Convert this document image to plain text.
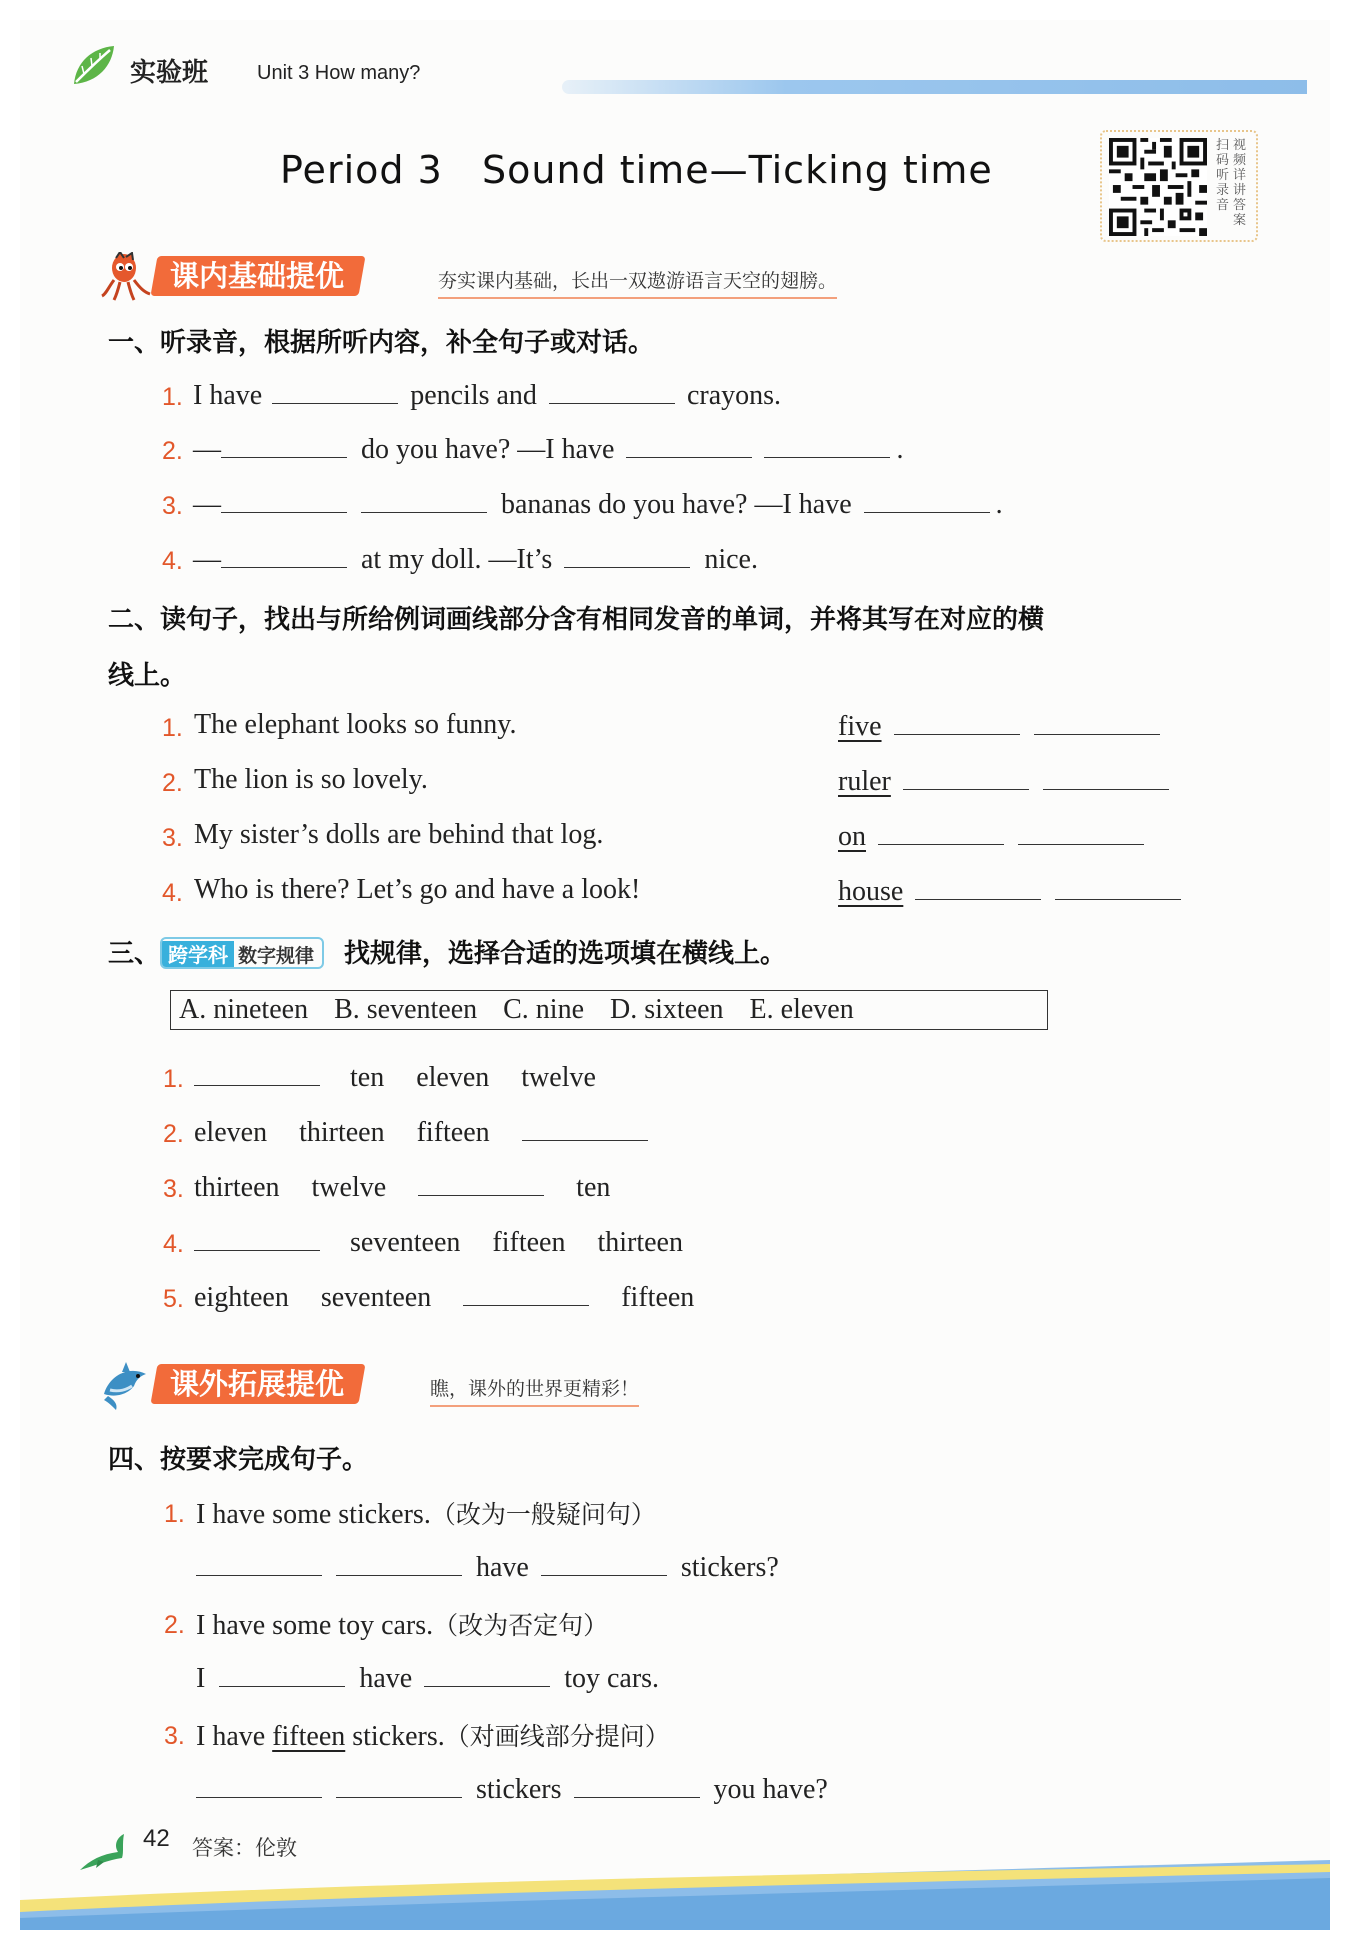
实验班 Unit 3 How many?
Period 3   Sound time—Ticking time
扫码听录音
视频详讲答案
课内基础提优	夯实课内基础，长出一双遨游语言天空的翅膀。
一、听录音，根据所听内容，补全句子或对话。
1. I have	pencils and	crayons.
2. —	do you have? —I have	.
3. —	bananas do you have? —I have	.
4. —	at my doll. —It’s	nice.
二、读句子，找出与所给例词画线部分含有相同发音的单词，并将其写在对应的横
线上。
1. The elephant looks so funny.	five
2. The lion is so lovely.	ruler
3. My sister’s dolls are behind that log.	on
4. Who is there? Let’s go and have a look!	house
三、 跨学科 数字规律 找规律，选择合适的选项填在横线上。
A. nineteen B. seventeen C. nine D. sixteen E. eleven
1.	ten eleven twelve
2. eleven thirteen fifteen
3. thirteen twelve	ten
4.	seventeen fifteen thirteen
5. eighteen seventeen	fifteen
课外拓展提优	瞧，课外的世界更精彩！
四、按要求完成句子。
1. I have some stickers.（改为一般疑问句）
have	stickers?
2. I have some toy cars.（改为否定句）
I	have	toy cars.
3. I have fifteen stickers.（对画线部分提问）
stickers	you have?
42 答案：伦敦
